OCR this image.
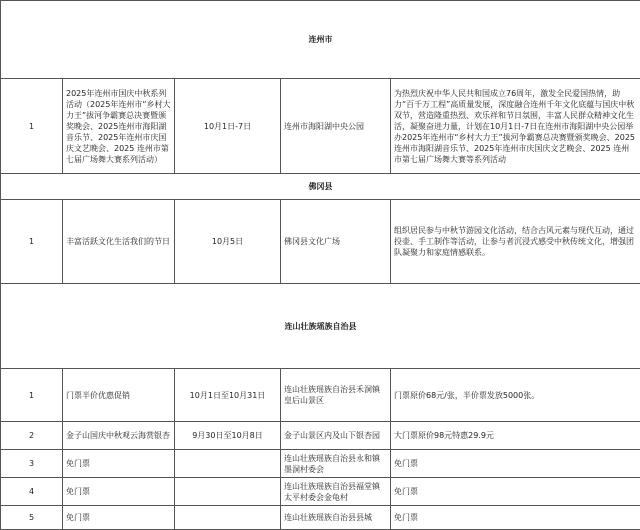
连州市				
1	2025年连州市国庆中秋系列活动（2025年连州市“乡村大力王”拔河争霸赛总决赛暨颁奖晚会、2025连州市海阳湖音乐节、2025年连州市庆国庆文艺晚会、2025 连州市第七届广场舞大赛系列活动）	10月1日-7日	连州市海阳湖中央公园	为热烈庆祝中华人民共和国成立76周年，激发全民爱国热情，助力“百千万工程”高质量发展，深度融合连州千年文化底蕴与国庆中秋双节，营造隆重热烈、欢乐祥和节日氛围，丰富人民群众精神文化生活，凝聚奋进力量，计划在10月1日-7日在连州市海阳湖中央公园举办2025年连州市“乡村大力王”拔河争霸赛总决赛暨颁奖晚会、2025连州市海阳湖音乐节、2025年连州市庆国庆文艺晚会、2025 连州市第七届广场舞大赛等系列活动
佛冈县				
1	丰富活跃文化生活我们的节日	10月5日	佛冈县文化广场	组织居民参与中秋节游园文化活动，结合古风元素与现代互动，通过投壶、手工制作等活动，让参与者沉浸式感受中秋传统文化，增强团队凝聚力和家庭情感联系。
连山壮族瑶族自治县				
1	门票半价优惠促销	10月1日至10月31日	连山壮族瑶族自治县禾洞镇 皇后山景区	门票原价68元/张，半价票发放5000张。
2	金子山国庆中秋观云海赏银杏	9月30日至10月8日	金子山景区内及山下银杏园	大门票原价98元特惠29.9元
3	免门票		连山壮族瑶族自治县永和镇 墨洞村委会	免门票
4	免门票		连山壮族瑶族自治县福堂镇太平村委会金龟村	免门票
5	免门票		连山壮族瑶族自治县县城	免门票
